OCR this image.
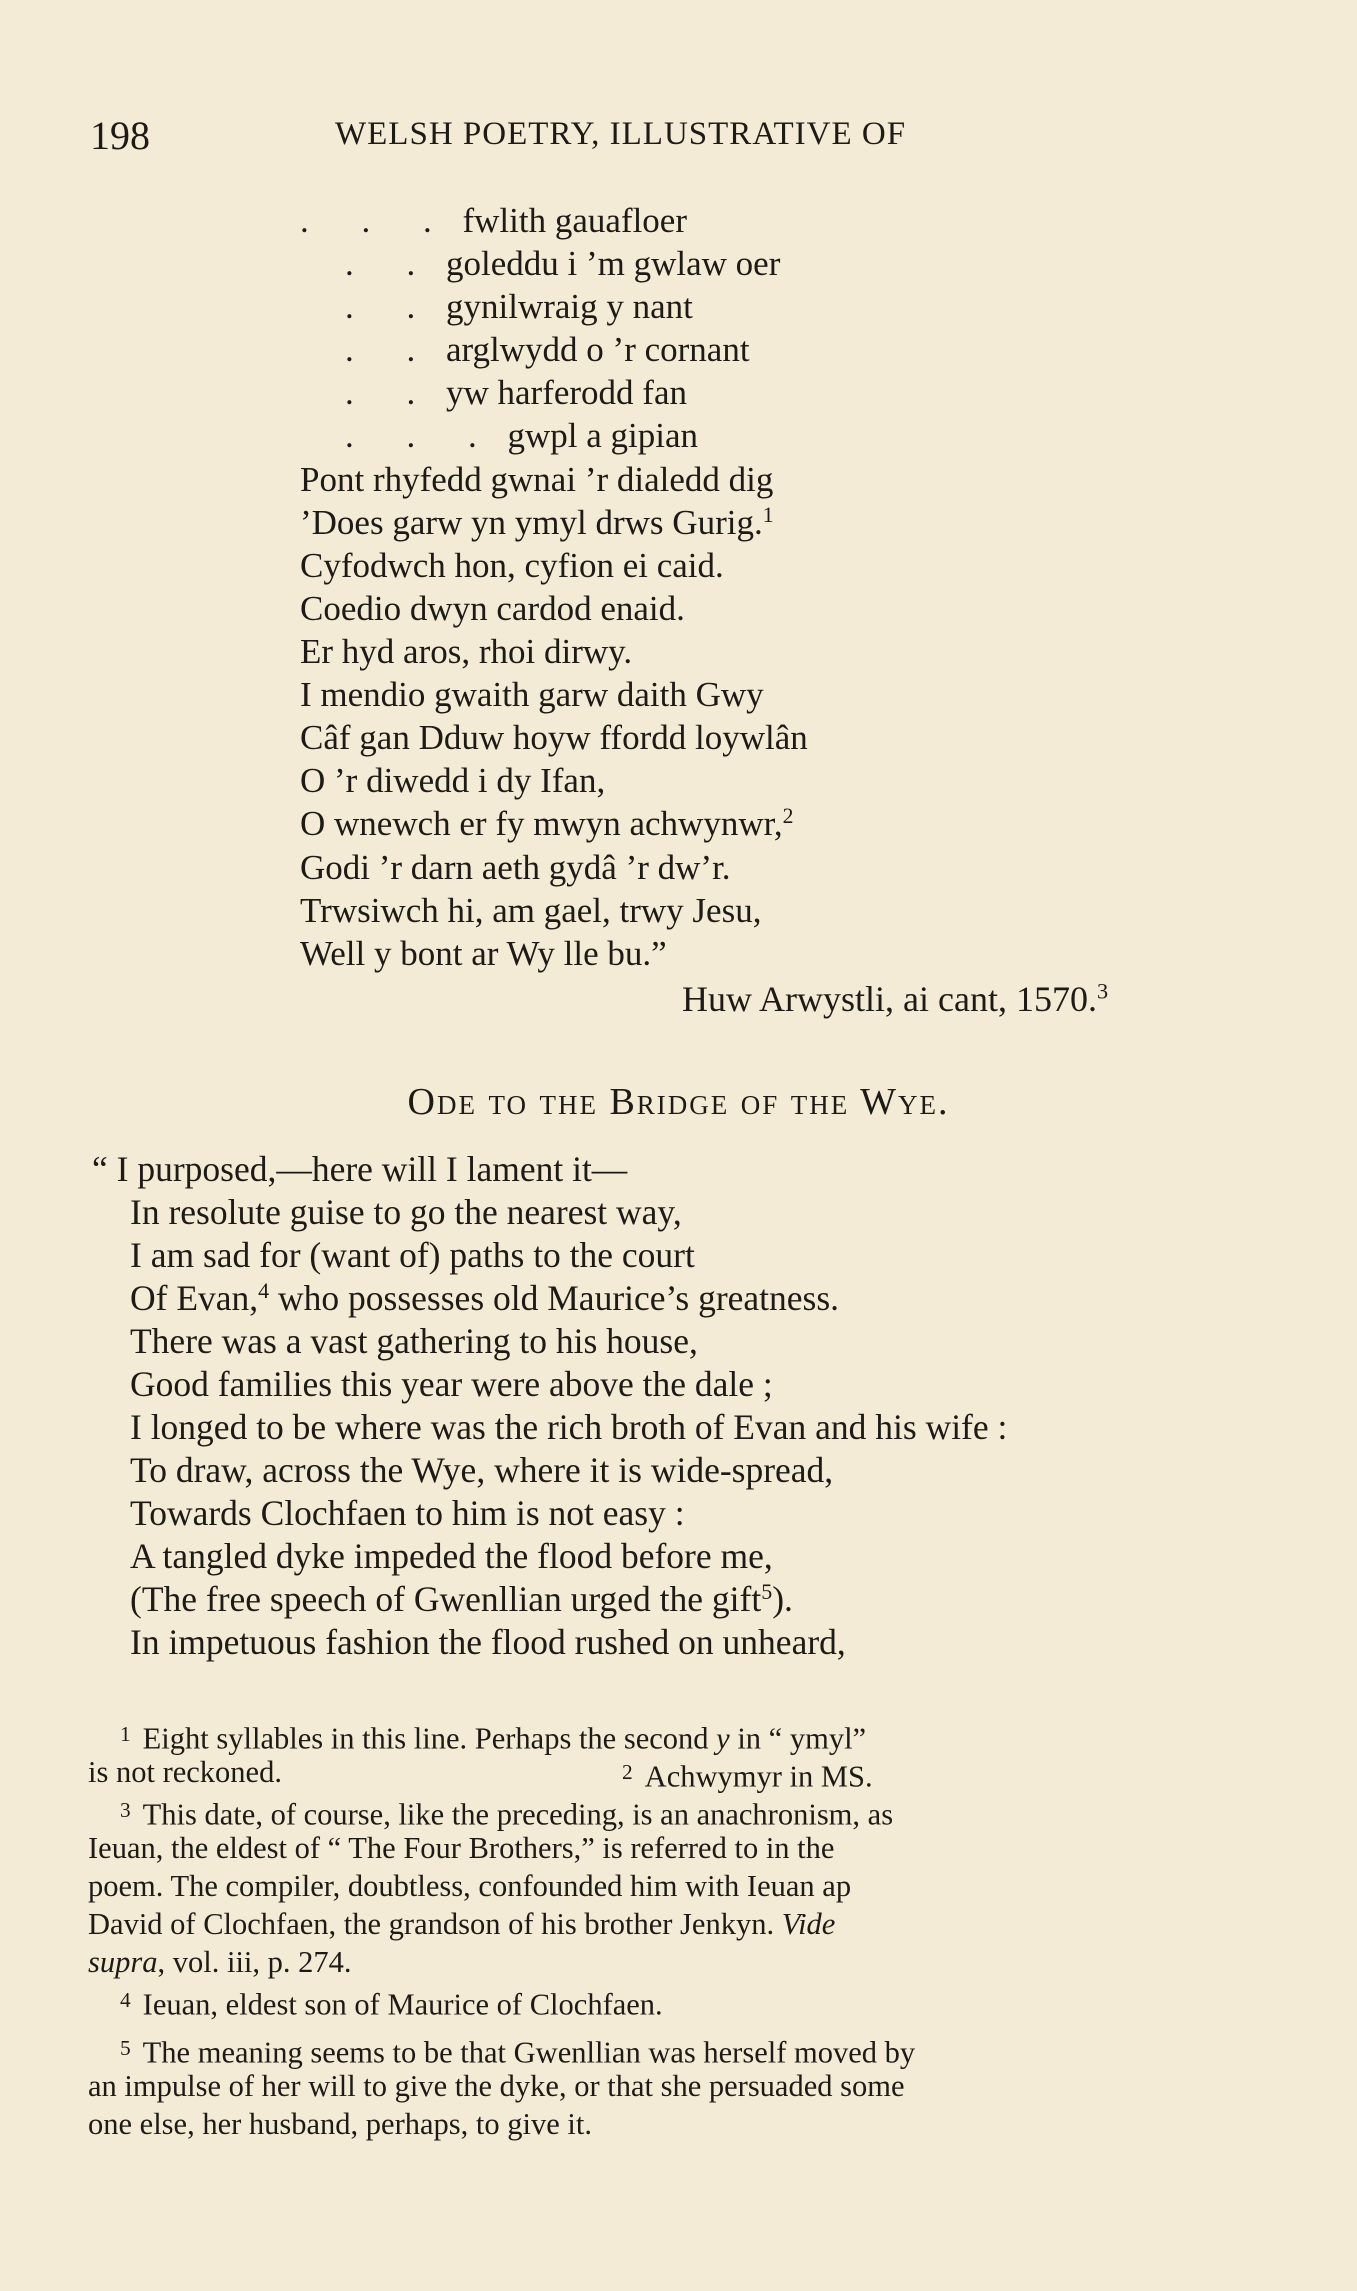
198	WELSH POETRY, ILLUSTRATIVE OF
. . . fwlith gauafloer
. . goleddu i ’m gwlaw oer
. . gynilwraig y nant
. . arglwydd o ’r cornant
. . yw harferodd fan
. . . gwpl a gipian
Pont rhyfedd gwnai ’r dialedd dig
’Does garw yn ymyl drws Gurig.$^1$
Cyfodwch hon, cyfion ei caid.
Coedio dwyn cardod enaid.
Er hyd aros, rhoi dirwy.
I mendio gwaith garw daith Gwy
Câf gan Dduw hoyw ffordd loywlân
O ’r diwedd i dy Ifan,
O wnewch er fy mwyn achwynwr,$^2$
Godi ’r darn aeth gydâ ’r dw’r.
Trwsiwch hi, am gael, trwy Jesu,
Well y bont ar Wy lle bu.”
Huw Arwystli, ai cant, 1570.$^3$
Ode to the Bridge of the Wye.
“ I purposed,—here will I lament it—
In resolute guise to go the nearest way,
I am sad for (want of) paths to the court
Of Evan,$^4$ who possesses old Maurice’s greatness.
There was a vast gathering to his house,
Good families this year were above the dale ;
I longed to be where was the rich broth of Evan and his wife :
To draw, across the Wye, where it is wide-spread,
Towards Clochfaen to him is not easy :
A tangled dyke impeded the flood before me,
(The free speech of Gwenllian urged the gift$^5$).
In impetuous fashion the flood rushed on unheard,
$^1$ Eight syllables in this line. Perhaps the second y in “ ymyl”
is not reckoned.	$^2$ Achwymyr in MS.
$^3$ This date, of course, like the preceding, is an anachronism, as
Ieuan, the eldest of “ The Four Brothers,” is referred to in the
poem. The compiler, doubtless, confounded him with Ieuan ap
David of Clochfaen, the grandson of his brother Jenkyn. Vide
supra, vol. iii, p. 274.
$^4$ Ieuan, eldest son of Maurice of Clochfaen.
$^5$ The meaning seems to be that Gwenllian was herself moved by
an impulse of her will to give the dyke, or that she persuaded some
one else, her husband, perhaps, to give it.
